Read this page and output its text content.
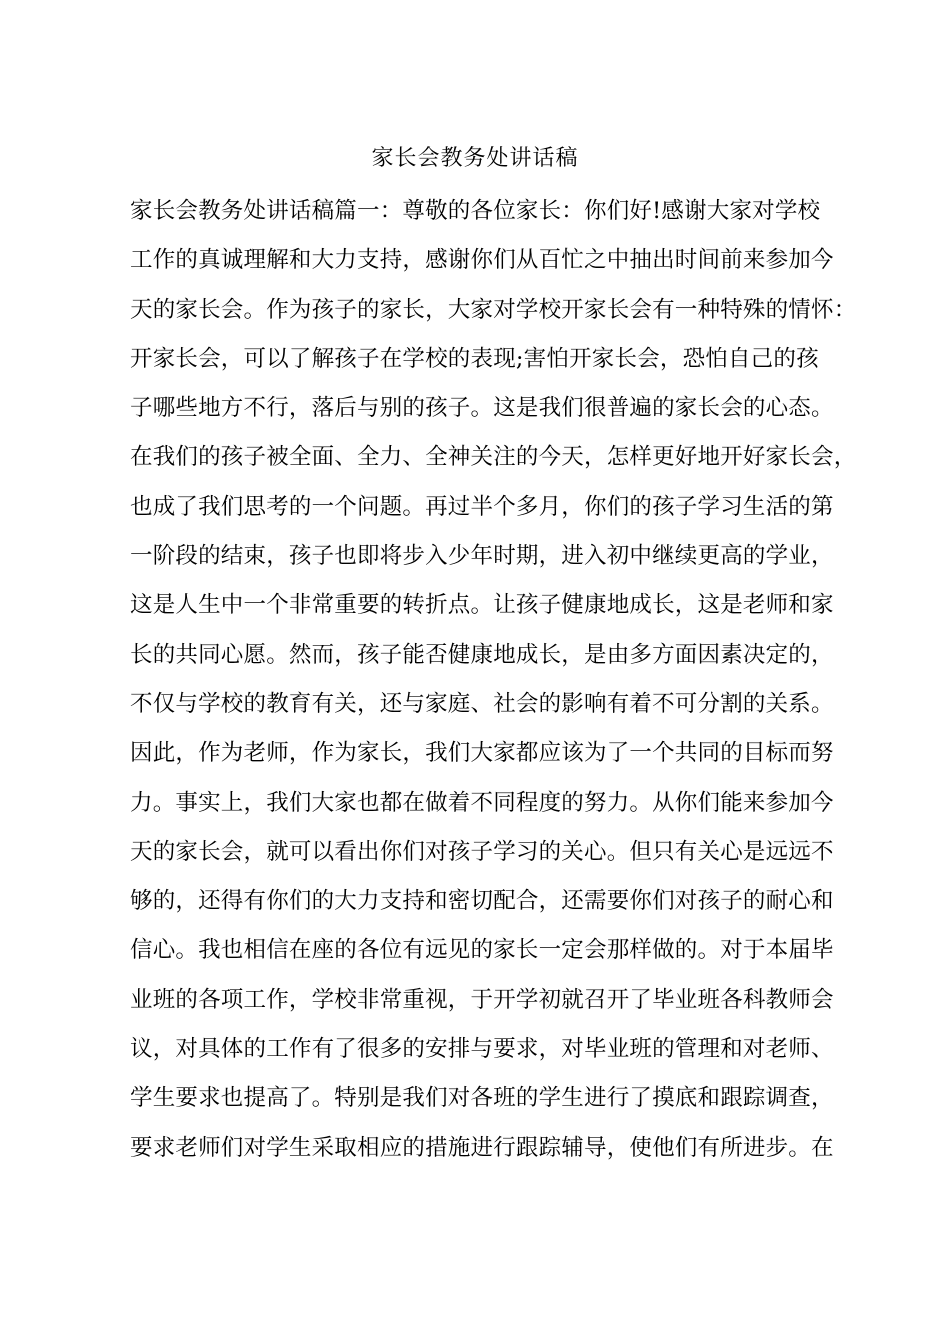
家长会教务处讲话稿
家长会教务处讲话稿篇一：尊敬的各位家长：你们好!感谢大家对学校
工作的真诚理解和大力支持，感谢你们从百忙之中抽出时间前来参加今
天的家长会。作为孩子的家长，大家对学校开家长会有一种特殊的情怀：
开家长会，可以了解孩子在学校的表现;害怕开家长会，恐怕自己的孩
子哪些地方不行，落后与别的孩子。这是我们很普遍的家长会的心态。
在我们的孩子被全面、全力、全神关注的今天，怎样更好地开好家长会，
也成了我们思考的一个问题。再过半个多月，你们的孩子学习生活的第
一阶段的结束，孩子也即将步入少年时期，进入初中继续更高的学业，
这是人生中一个非常重要的转折点。让孩子健康地成长，这是老师和家
长的共同心愿。然而，孩子能否健康地成长，是由多方面因素决定的，
不仅与学校的教育有关，还与家庭、社会的影响有着不可分割的关系。
因此，作为老师，作为家长，我们大家都应该为了一个共同的目标而努
力。事实上，我们大家也都在做着不同程度的努力。从你们能来参加今
天的家长会，就可以看出你们对孩子学习的关心。但只有关心是远远不
够的，还得有你们的大力支持和密切配合，还需要你们对孩子的耐心和
信心。我也相信在座的各位有远见的家长一定会那样做的。对于本届毕
业班的各项工作，学校非常重视，于开学初就召开了毕业班各科教师会
议，对具体的工作有了很多的安排与要求，对毕业班的管理和对老师、
学生要求也提高了。特别是我们对各班的学生进行了摸底和跟踪调查，
要求老师们对学生采取相应的措施进行跟踪辅导，使他们有所进步。在
